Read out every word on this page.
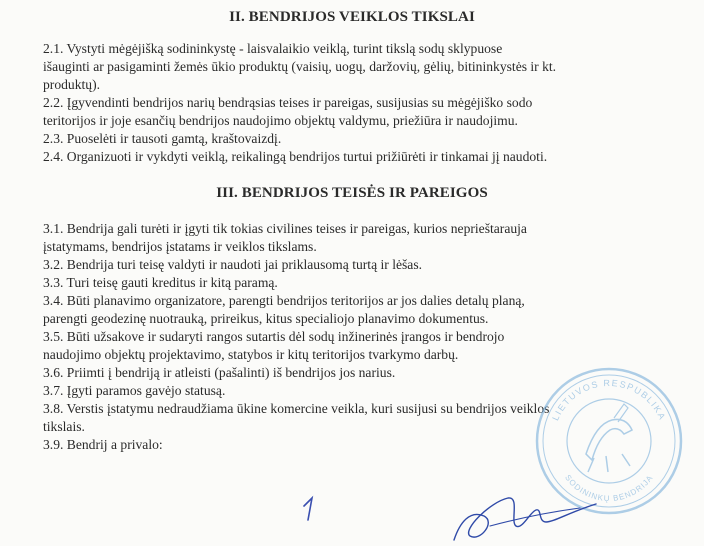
II. BENDRIJOS VEIKLOS TIKSLAI
2.1. Vystyti mėgėjišką sodininkystę - laisvalaikio veiklą, turint tikslą sodų sklypuose
išauginti ar pasigaminti žemės ūkio produktų (vaisių, uogų, daržovių, gėlių, bitininkystės ir kt.
produktų).
2.2. Įgyvendinti bendrijos narių bendrąsias teises ir pareigas, susijusias su mėgėjiško sodo
teritorijos ir joje esančių bendrijos naudojimo objektų valdymu, priežiūra ir naudojimu.
2.3. Puoselėti ir tausoti gamtą, kraštovaizdį.
2.4. Organizuoti ir vykdyti veiklą, reikalingą bendrijos turtui prižiūrėti ir tinkamai jį naudoti.
III. BENDRIJOS TEISĖS IR PAREIGOS
3.1. Bendrija gali turėti ir įgyti tik tokias civilines teises ir pareigas, kurios neprieštarauja
įstatymams, bendrijos įstatams ir veiklos tikslams.
3.2. Bendrija turi teisę valdyti ir naudoti jai priklausomą turtą ir lėšas.
3.3. Turi teisę gauti kreditus ir kitą paramą.
3.4. Būti planavimo organizatore, parengti bendrijos teritorijos ar jos dalies detalų planą,
parengti geodezinę nuotrauką, prireikus, kitus specialiojo planavimo dokumentus.
3.5. Būti užsakove ir sudaryti rangos sutartis dėl sodų inžinerinės įrangos ir bendrojo
naudojimo objektų projektavimo, statybos ir kitų teritorijos tvarkymo darbų.
3.6. Priimti į bendriją ir atleisti (pašalinti) iš bendrijos jos narius.
3.7. Įgyti paramos gavėjo statusą.
3.8. Verstis įstatymu nedraudžiama ūkine komercine veikla, kuri susijusi su bendrijos veiklos
tikslais.
3.9. Bendrij a privalo:
LIETUVOS RESPUBLIKA
SODININKŲ BENDRIJA
